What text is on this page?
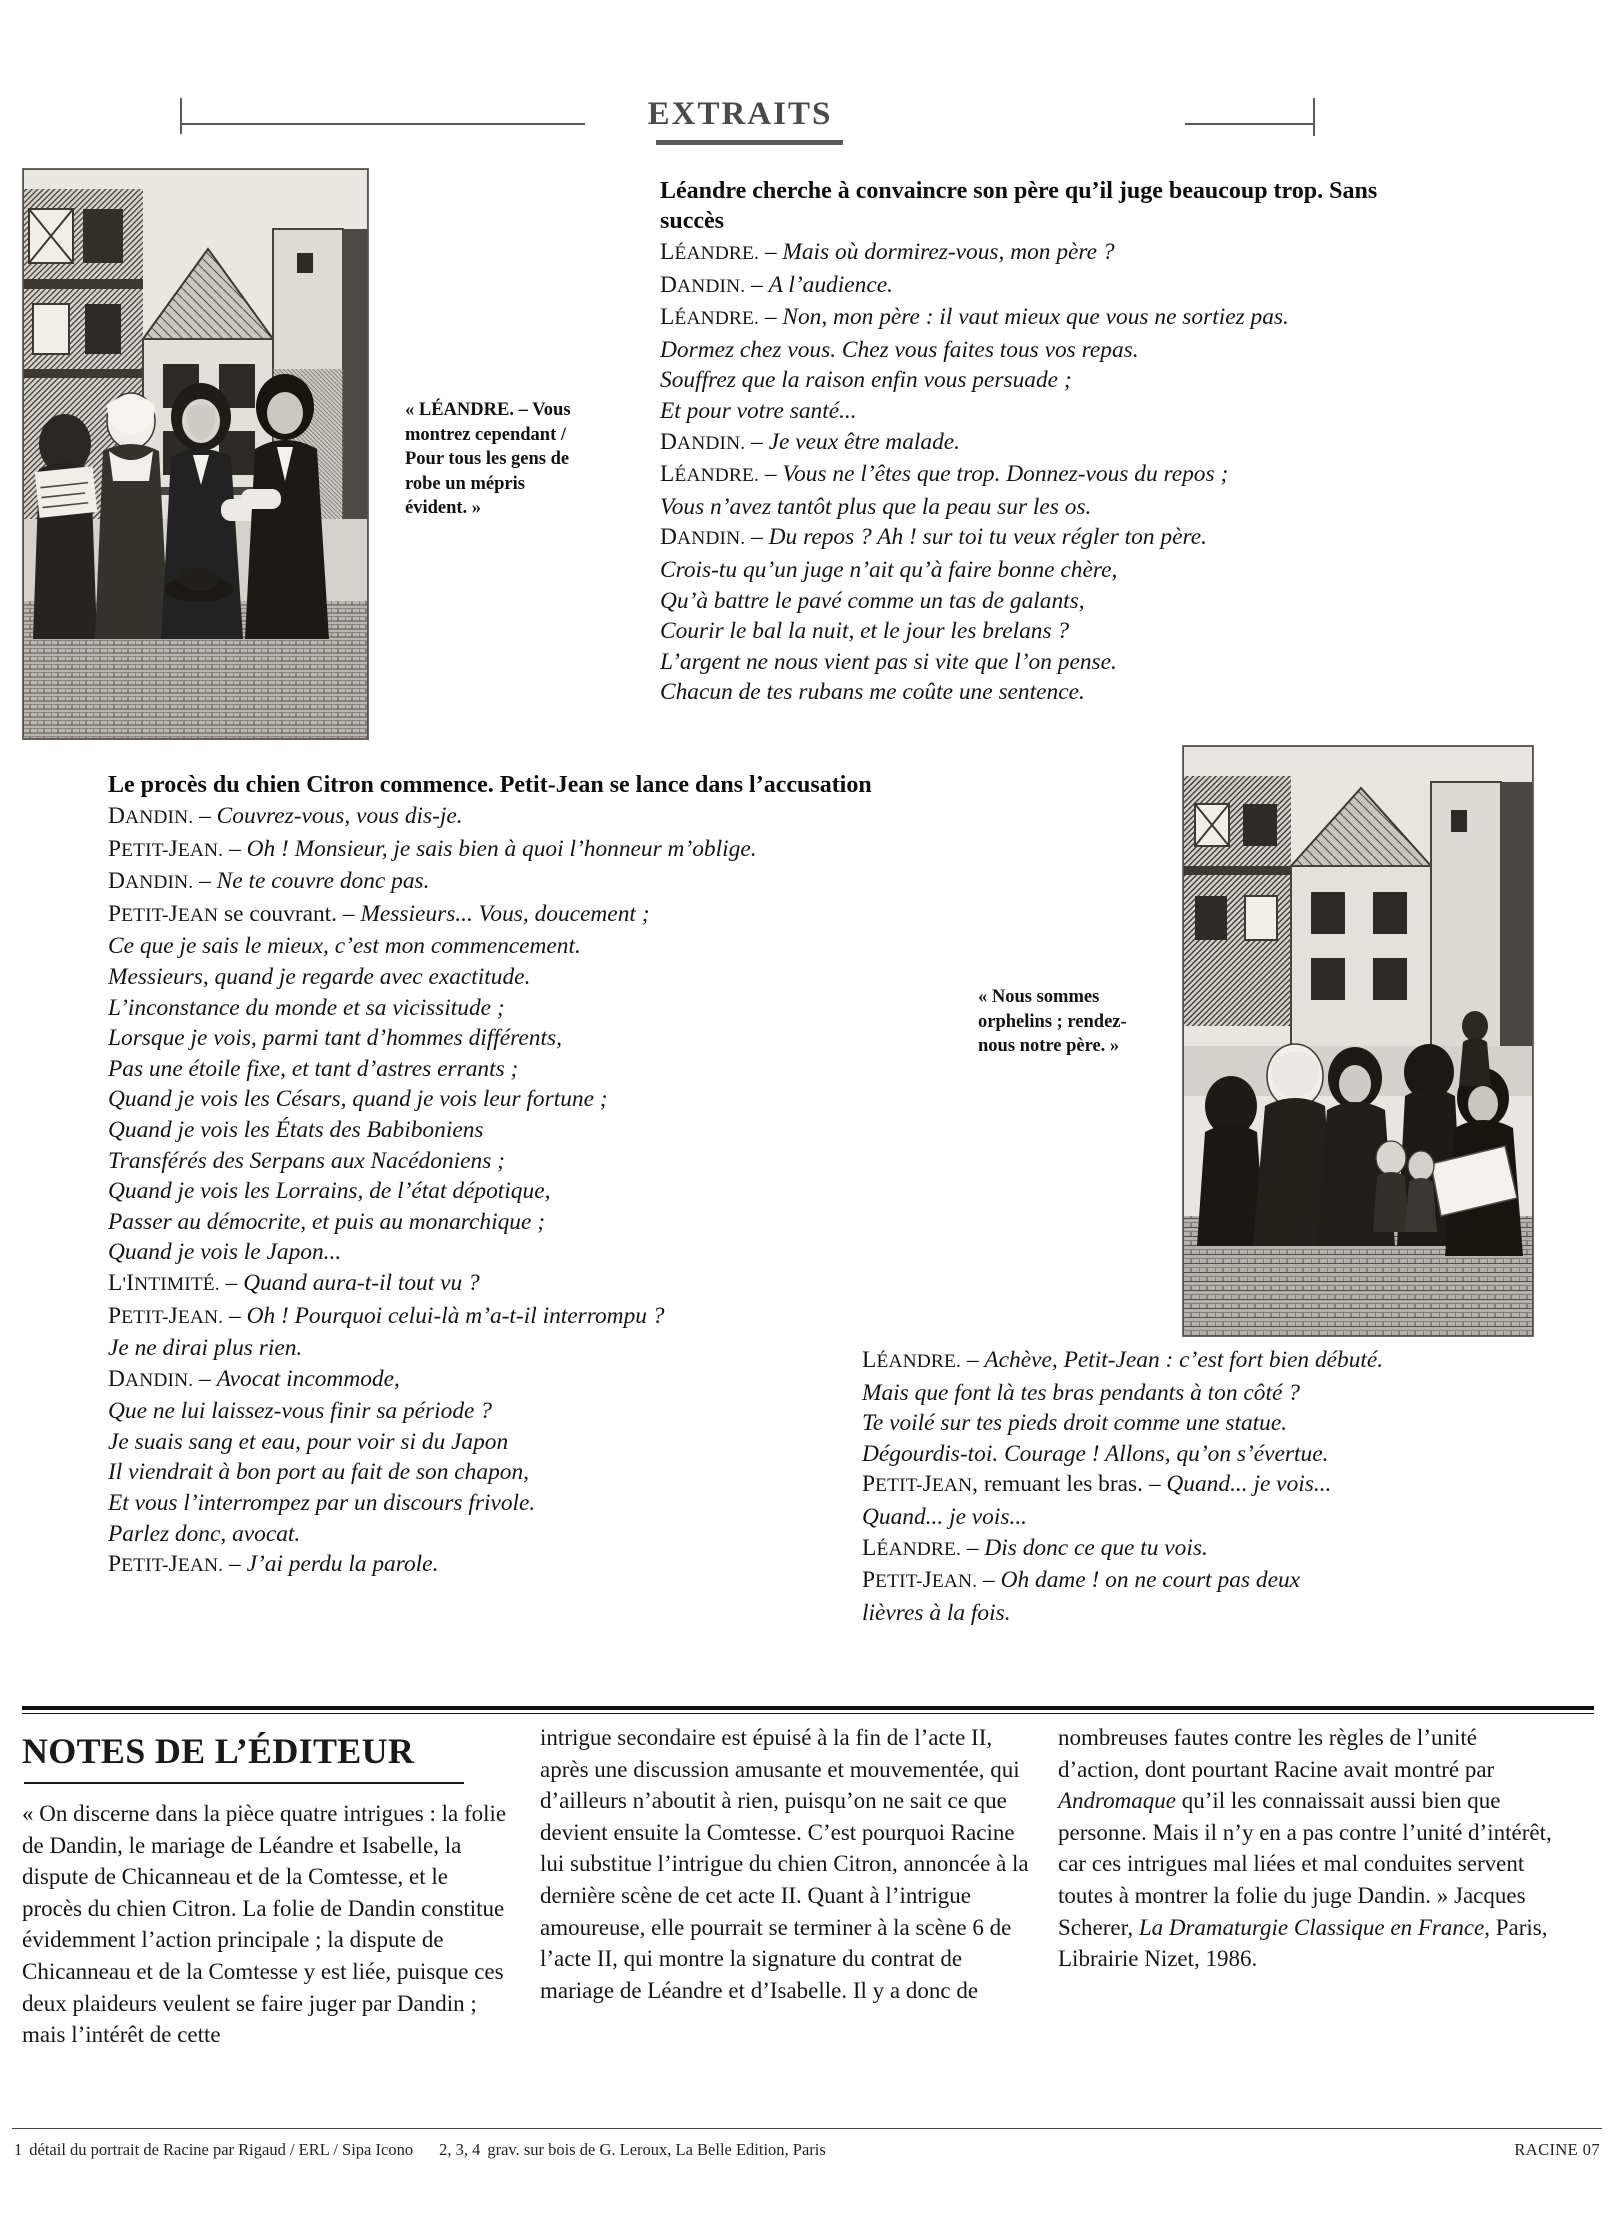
EXTRAITS
« LÉANDRE. – Vous montrez cependant / Pour tous les gens de robe un mépris évident. »
Léandre cherche à convaincre son père qu’il juge beaucoup trop. Sans succès
LÉANDRE. – Mais où dormirez-vous, mon père ?
DANDIN. – A l’audience.
LÉANDRE. – Non, mon père : il vaut mieux que vous ne sortiez pas.
Dormez chez vous. Chez vous faites tous vos repas.
Souffrez que la raison enfin vous persuade ;
Et pour votre santé...
DANDIN. – Je veux être malade.
LÉANDRE. – Vous ne l’êtes que trop. Donnez-vous du repos ;
Vous n’avez tantôt plus que la peau sur les os.
DANDIN. – Du repos ? Ah ! sur toi tu veux régler ton père.
Crois-tu qu’un juge n’ait qu’à faire bonne chère,
Qu’à battre le pavé comme un tas de galants,
Courir le bal la nuit, et le jour les brelans ?
L’argent ne nous vient pas si vite que l’on pense.
Chacun de tes rubans me coûte une sentence.
Le procès du chien Citron commence. Petit-Jean se lance dans l’accusation
DANDIN. – Couvrez-vous, vous dis-je.
PETIT-JEAN. – Oh ! Monsieur, je sais bien à quoi l’honneur m’oblige.
DANDIN. – Ne te couvre donc pas.
PETIT-JEAN se couvrant. – Messieurs... Vous, doucement ;
Ce que je sais le mieux, c’est mon commencement.
Messieurs, quand je regarde avec exactitude.
L’inconstance du monde et sa vicissitude ;
Lorsque je vois, parmi tant d’hommes différents,
Pas une étoile fixe, et tant d’astres errants ;
Quand je vois les Césars, quand je vois leur fortune ;
Quand je vois les États des Babiboniens
Transférés des Serpans aux Nacédoniens ;
Quand je vois les Lorrains, de l’état dépotique,
Passer au démocrite, et puis au monarchique ;
Quand je vois le Japon...
L'INTIMITÉ. – Quand aura-t-il tout vu ?
PETIT-JEAN. – Oh ! Pourquoi celui-là m’a-t-il interrompu ?
Je ne dirai plus rien.
DANDIN. – Avocat incommode,
Que ne lui laissez-vous finir sa période ?
Je suais sang et eau, pour voir si du Japon
Il viendrait à bon port au fait de son chapon,
Et vous l’interrompez par un discours frivole.
Parlez donc, avocat.
PETIT-JEAN. – J’ai perdu la parole.
« Nous sommes orphelins ; rendez-nous notre père. »
LÉANDRE. – Achève, Petit-Jean : c’est fort bien débuté.
Mais que font là tes bras pendants à ton côté ?
Te voilé sur tes pieds droit comme une statue.
Dégourdis-toi. Courage ! Allons, qu’on s’évertue.
PETIT-JEAN, remuant les bras. – Quand... je vois...
Quand... je vois...
LÉANDRE. – Dis donc ce que tu vois.
PETIT-JEAN. – Oh dame ! on ne court pas deux
lièvres à la fois.
NOTES DE L’ÉDITEUR

« On discerne dans la pièce quatre intrigues : la folie de Dandin, le mariage de Léandre et Isabelle, la dispute de Chicanneau et de la Comtesse, et le procès du chien Citron. La folie de Dandin constitue évidemment l’action principale ; la dispute de Chicanneau et de la Comtesse y est liée, puisque ces deux plaideurs veulent se faire juger par Dandin ; mais l’intérêt de cette

intrigue secondaire est épuisé à la fin de l’acte II, après une discussion amusante et mouvementée, qui d’ailleurs n’aboutit à rien, puisqu’on ne sait ce que devient ensuite la Comtesse. C’est pourquoi Racine lui substitue l’intrigue du chien Citron, annoncée à la dernière scène de cet acte II. Quant à l’intrigue amoureuse, elle pourrait se terminer à la scène 6 de l’acte II, qui montre la signature du contrat de mariage de Léandre et d’Isabelle. Il y a donc de

nombreuses fautes contre les règles de l’unité d’action, dont pourtant Racine avait montré par Andromaque qu’il les connaissait aussi bien que personne. Mais il n’y en a pas contre l’unité d’intérêt, car ces intrigues mal liées et mal conduites servent toutes à montrer la folie du juge Dandin. » Jacques Scherer, La Dramaturgie Classique en France, Paris, Librairie Nizet, 1986.

1 détail du portrait de Racine par Rigaud / ERL / Sipa Icono 2, 3, 4 grav. sur bois de G. Leroux, La Belle Edition, Paris	RACINE 07
